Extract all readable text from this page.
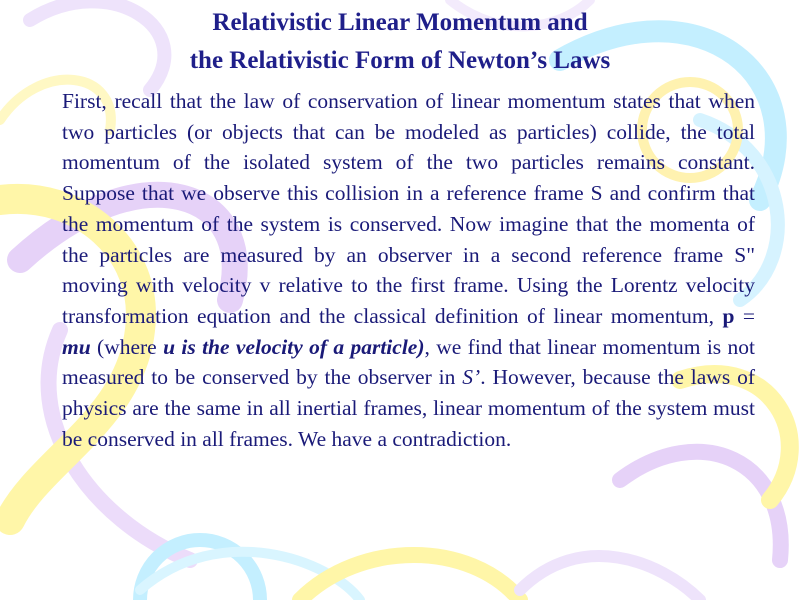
Relativistic Linear Momentum and
the Relativistic Form of Newton’s Laws

First, recall that the law of conservation of linear momentum states that when two particles (or objects that can be modeled as particles) collide, the total momentum of the isolated system of the two particles remains constant. Suppose that we observe this collision in a reference frame S and confirm that the momentum of the system is conserved. Now imagine that the momenta of the particles are measured by an observer in a second reference frame S" moving with velocity v relative to the first frame. Using the Lorentz velocity transformation equation and the classical definition of linear momentum, p = mu (where u is the velocity of a particle), we find that linear momentum is not measured to be conserved by the observer in S’. However, because the laws of physics are the same in all inertial frames, linear momentum of the system must be conserved in all frames. We have a contradiction.
